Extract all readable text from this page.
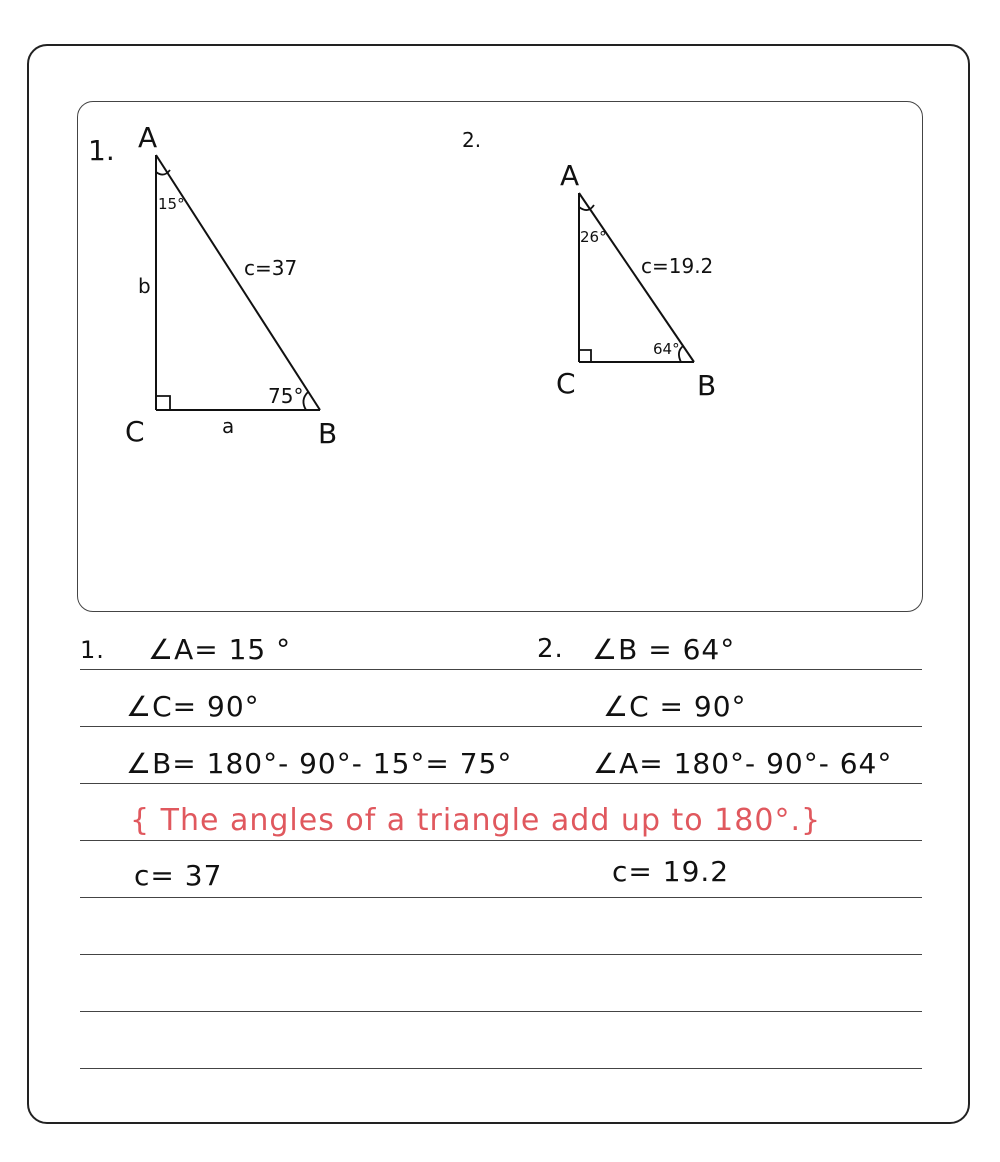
1. A
15°
b
c=37
75°
C	a	B
2.
A
26°
c=19.2
64°
C	B
1. ∠A= 15 °
∠C= 90°
∠B= 180°- 90°- 15°= 75°
c= 37
2. ∠B = 64°
∠C = 90°
∠A= 180°- 90°- 64°
c= 19.2
{ The angles of a triangle add up to 180°.}
